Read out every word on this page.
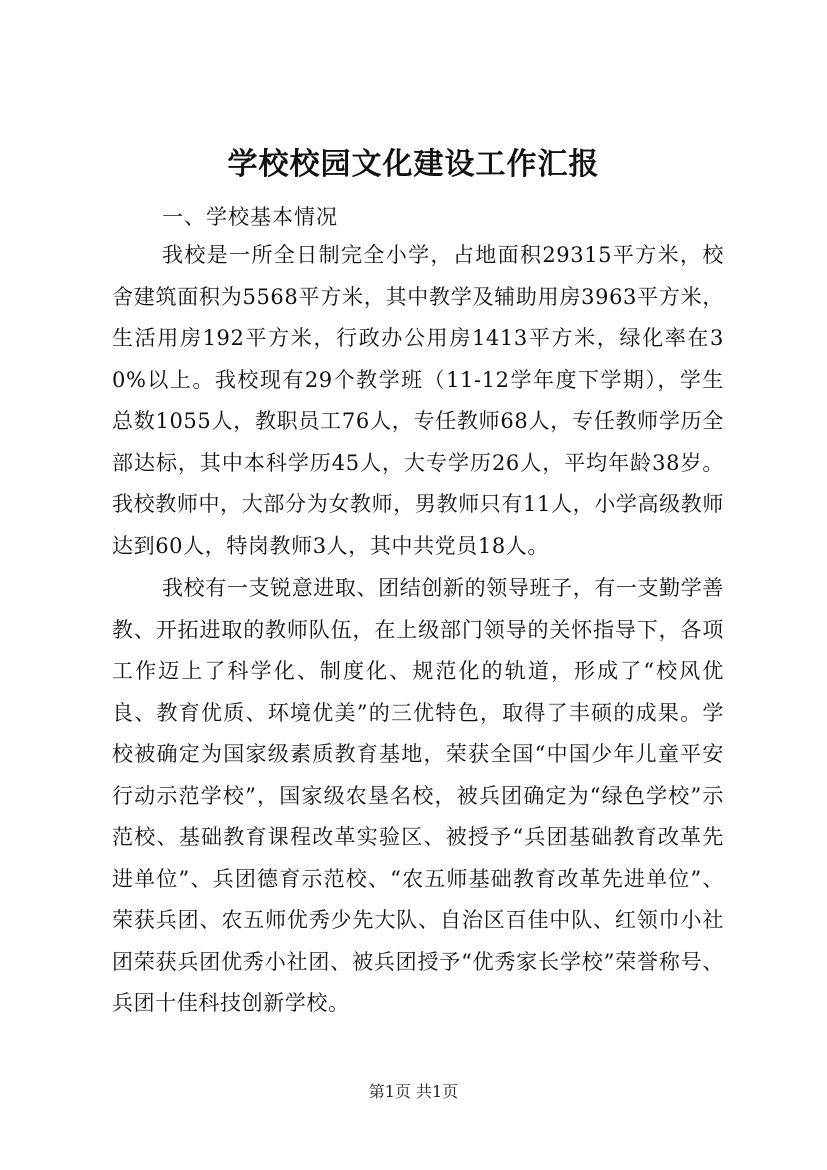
学校校园文化建设工作汇报
一、学校基本情况

我校是一所全日制完全小学，占地面积29315平方米，校舍建筑面积为5568平方米，其中教学及辅助用房3963平方米，生活用房192平方米，行政办公用房1413平方米，绿化率在30%以上。我校现有29个教学班（11-12学年度下学期），学生总数1055人，教职员工76人，专任教师68人，专任教师学历全部达标，其中本科学历45人，大专学历26人，平均年龄38岁。我校教师中，大部分为女教师，男教师只有11人，小学高级教师达到60人，特岗教师3人，其中共党员18人。

我校有一支锐意进取、团结创新的领导班子，有一支勤学善教、开拓进取的教师队伍，在上级部门领导的关怀指导下，各项工作迈上了科学化、制度化、规范化的轨道，形成了“校风优良、教育优质、环境优美”的三优特色，取得了丰硕的成果。学校被确定为国家级素质教育基地，荣获全国“中国少年儿童平安行动示范学校”，国家级农垦名校，被兵团确定为“绿色学校”示范校、基础教育课程改革实验区、被授予“兵团基础教育改革先进单位”、兵团德育示范校、“农五师基础教育改革先进单位”、荣获兵团、农五师优秀少先大队、自治区百佳中队、红领巾小社团荣获兵团优秀小社团、被兵团授予“优秀家长学校”荣誉称号、兵团十佳科技创新学校。

第1页 共1页
